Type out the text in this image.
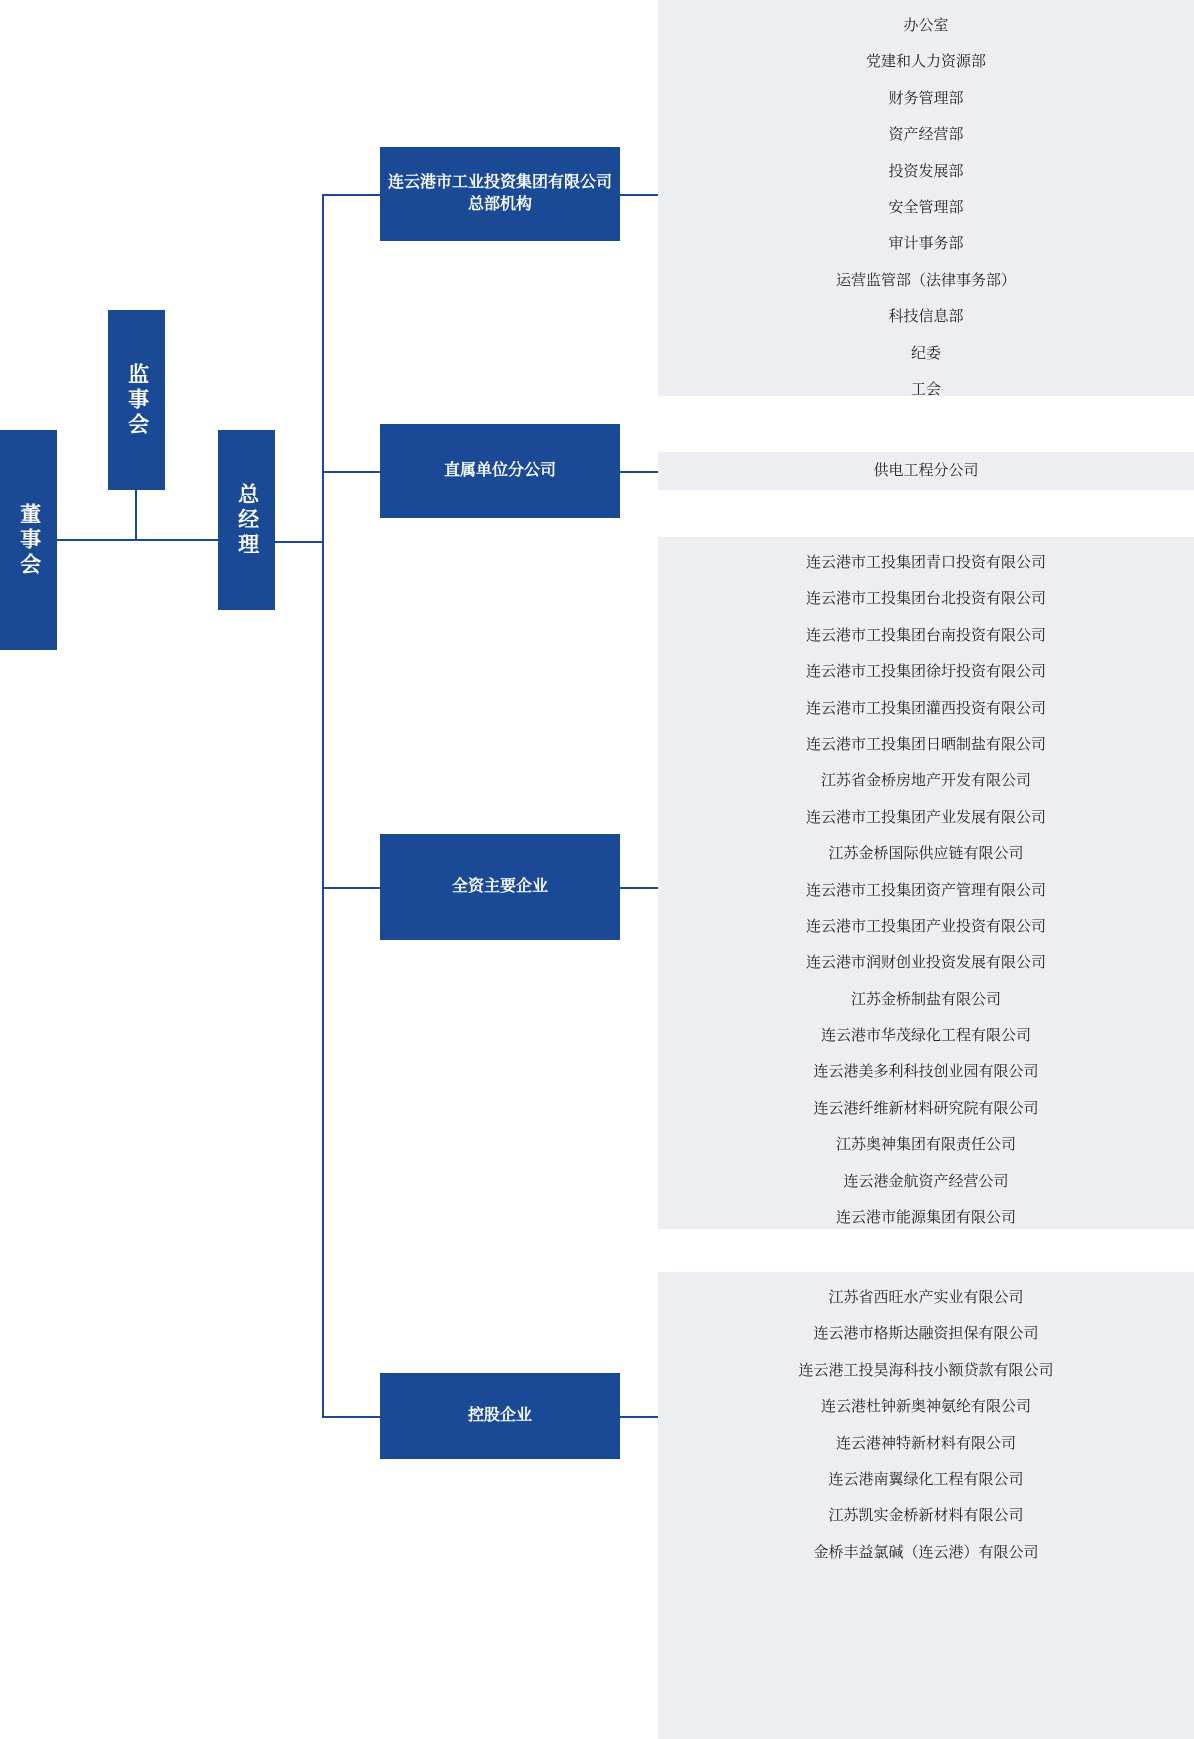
董事会
监事会
总经理
连云港市工业投资集团有限公司总部机构
直属单位分公司
全资主要企业
控股企业
办公室
党建和人力资源部
财务管理部
资产经营部
投资发展部
安全管理部
审计事务部
运营监管部（法律事务部）
科技信息部
纪委
工会
供电工程分公司
连云港市工投集团青口投资有限公司
连云港市工投集团台北投资有限公司
连云港市工投集团台南投资有限公司
连云港市工投集团徐圩投资有限公司
连云港市工投集团灌西投资有限公司
连云港市工投集团日晒制盐有限公司
江苏省金桥房地产开发有限公司
连云港市工投集团产业发展有限公司
江苏金桥国际供应链有限公司
连云港市工投集团资产管理有限公司
连云港市工投集团产业投资有限公司
连云港市润财创业投资发展有限公司
江苏金桥制盐有限公司
连云港市华茂绿化工程有限公司
连云港美多利科技创业园有限公司
连云港纤维新材料研究院有限公司
江苏奥神集团有限责任公司
连云港金航资产经营公司
连云港市能源集团有限公司
江苏省西旺水产实业有限公司
连云港市格斯达融资担保有限公司
连云港工投昊海科技小额贷款有限公司
连云港杜钟新奥神氨纶有限公司
连云港神特新材料有限公司
连云港南翼绿化工程有限公司
江苏凯实金桥新材料有限公司
金桥丰益氯碱（连云港）有限公司
